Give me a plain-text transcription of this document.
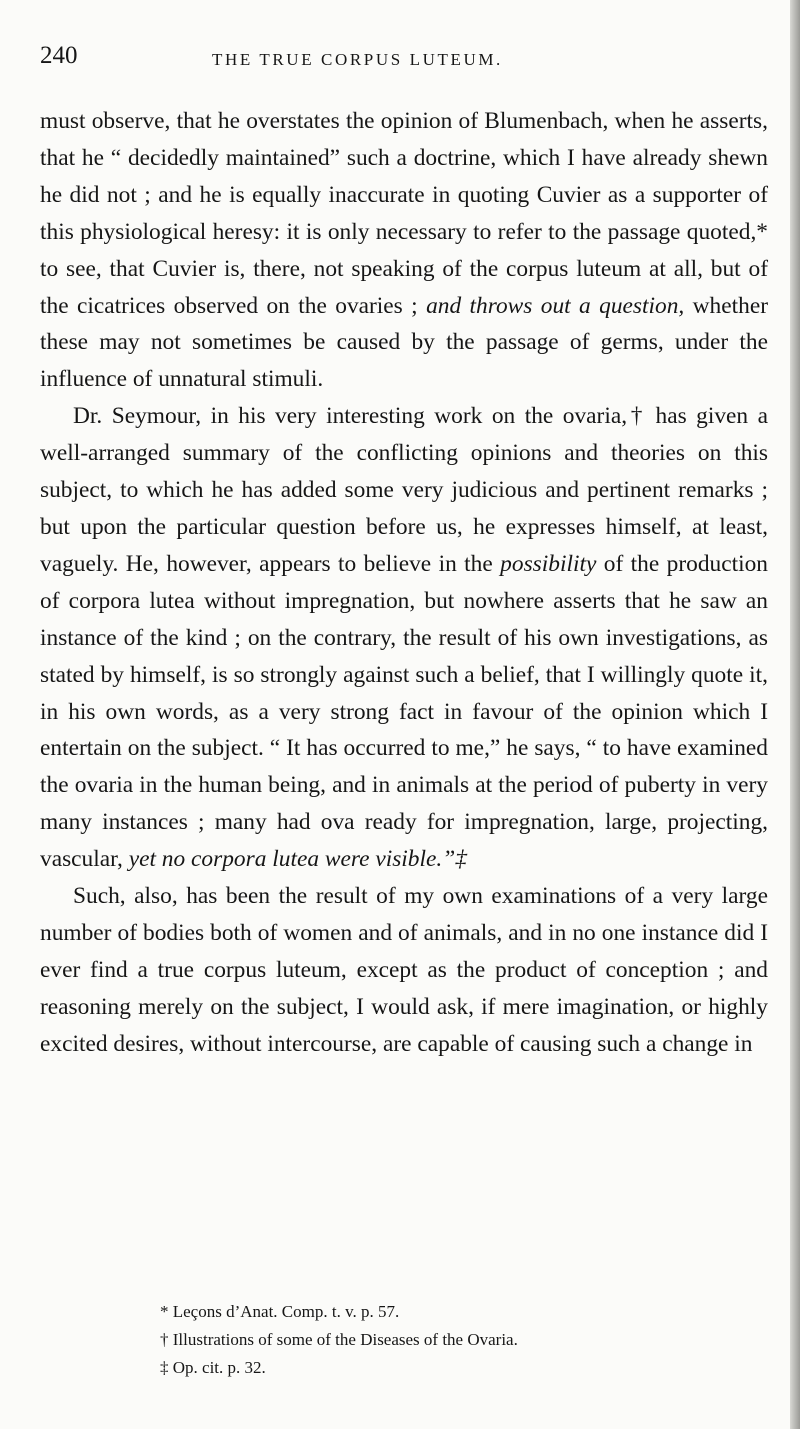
240	THE TRUE CORPUS LUTEUM.

must observe, that he overstates the opinion of Blumenbach, when he asserts, that he “ decidedly maintained” such a doctrine, which I have already shewn he did not ; and he is equally inaccurate in quoting Cuvier as a supporter of this physiological heresy: it is only necessary to refer to the passage quoted,* to see, that Cuvier is, there, not speaking of the corpus luteum at all, but of the cicatrices observed on the ovaries ; and throws out a question, whether these may not sometimes be caused by the passage of germs, under the influence of unnatural stimuli.

Dr. Seymour, in his very interesting work on the ovaria,† has given a well-arranged summary of the conflicting opinions and theories on this subject, to which he has added some very judicious and pertinent remarks ; but upon the particular question before us, he expresses himself, at least, vaguely. He, however, appears to believe in the possibility of the production of corpora lutea without impregnation, but nowhere asserts that he saw an instance of the kind ; on the contrary, the result of his own investigations, as stated by himself, is so strongly against such a belief, that I willingly quote it, in his own words, as a very strong fact in favour of the opinion which I entertain on the subject. “ It has occurred to me,” he says, “ to have examined the ovaria in the human being, and in animals at the period of puberty in very many instances ; many had ova ready for impregnation, large, projecting, vascular, yet no corpora lutea were visible.”‡

Such, also, has been the result of my own examinations of a very large number of bodies both of women and of animals, and in no one instance did I ever find a true corpus luteum, except as the product of conception ; and reasoning merely on the subject, I would ask, if mere imagination, or highly excited desires, without intercourse, are capable of causing such a change in

* Leçons d’Anat. Comp. t. v. p. 57.
† Illustrations of some of the Diseases of the Ovaria.
‡ Op. cit. p. 32.
